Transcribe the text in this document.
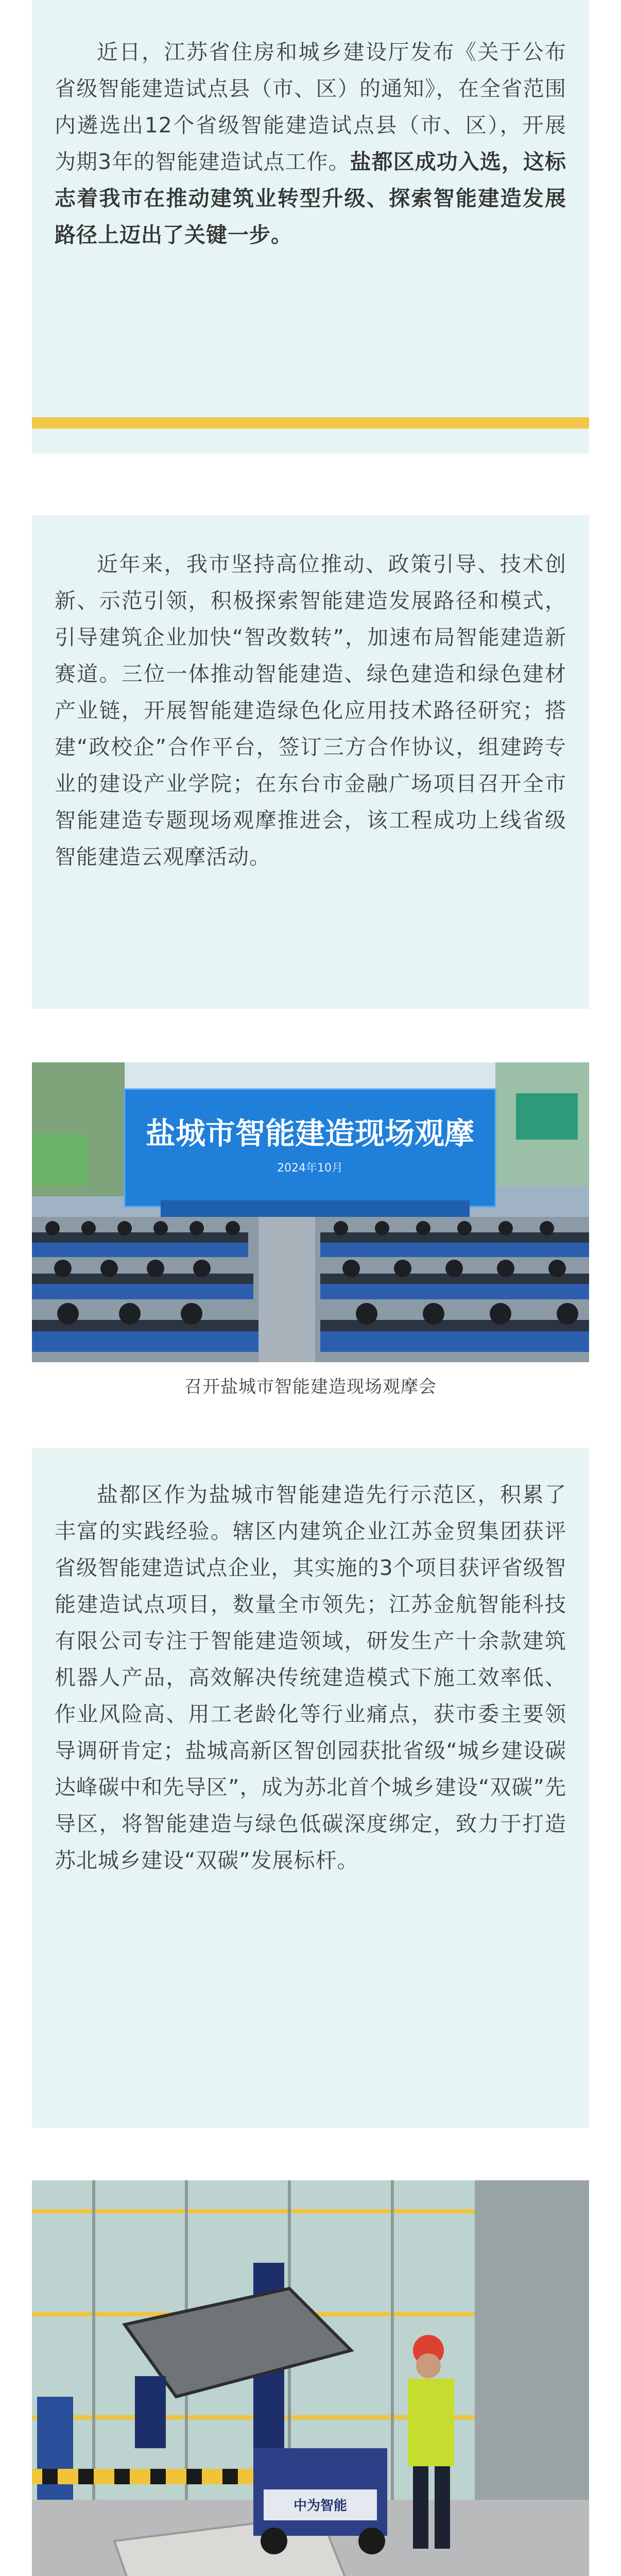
近日，江苏省住房和城乡建设厅发布《关于公布省级智能建造试点县（市、区）的通知》，在全省范围内遴选出12个省级智能建造试点县（市、区），开展为期3年的智能建造试点工作。盐都区成功入选，这标志着我市在推动建筑业转型升级、探索智能建造发展路径上迈出了关键一步。

近年来，我市坚持高位推动、政策引导、技术创新、示范引领，积极探索智能建造发展路径和模式，引导建筑企业加快“智改数转”，加速布局智能建造新赛道。三位一体推动智能建造、绿色建造和绿色建材产业链，开展智能建造绿色化应用技术路径研究；搭建“政校企”合作平台，签订三方合作协议，组建跨专业的建设产业学院；在东台市金融广场项目召开全市智能建造专题现场观摩推进会，该工程成功上线省级智能建造云观摩活动。

盐城市智能建造现场观摩
2024年10月
召开盐城市智能建造现场观摩会

盐都区作为盐城市智能建造先行示范区，积累了丰富的实践经验。辖区内建筑企业江苏金贸集团获评省级智能建造试点企业，其实施的3个项目获评省级智能建造试点项目，数量全市领先；江苏金航智能科技有限公司专注于智能建造领域，研发生产十余款建筑机器人产品，高效解决传统建造模式下施工效率低、作业风险高、用工老龄化等行业痛点，获市委主要领导调研肯定；盐城高新区智创园获批省级“城乡建设碳达峰碳中和先导区”，成为苏北首个城乡建设“双碳”先导区，将智能建造与绿色低碳深度绑定，致力于打造苏北城乡建设“双碳”发展标杆。

中为智能
